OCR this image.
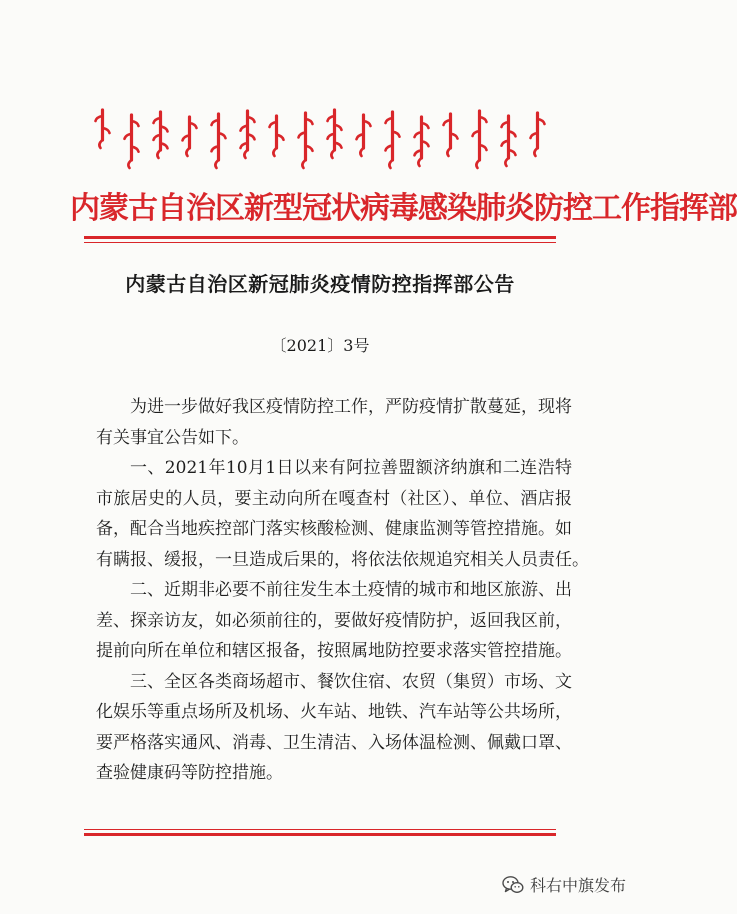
内蒙古自治区新型冠状病毒感染肺炎防控工作指挥部
内蒙古自治区新冠肺炎疫情防控指挥部公告
〔2021〕3号

为进一步做好我区疫情防控工作，严防疫情扩散蔓延，现将
有关事宜公告如下。

一、2021年10月1日以来有阿拉善盟额济纳旗和二连浩特
市旅居史的人员，要主动向所在嘎查村（社区）、单位、酒店报
备，配合当地疾控部门落实核酸检测、健康监测等管控措施。如
有瞒报、缓报，一旦造成后果的，将依法依规追究相关人员责任。

二、近期非必要不前往发生本土疫情的城市和地区旅游、出
差、探亲访友，如必须前往的，要做好疫情防护，返回我区前，
提前向所在单位和辖区报备，按照属地防控要求落实管控措施。

三、全区各类商场超市、餐饮住宿、农贸（集贸）市场、文
化娱乐等重点场所及机场、火车站、地铁、汽车站等公共场所，
要严格落实通风、消毒、卫生清洁、入场体温检测、佩戴口罩、
查验健康码等防控措施。

科右中旗发布
